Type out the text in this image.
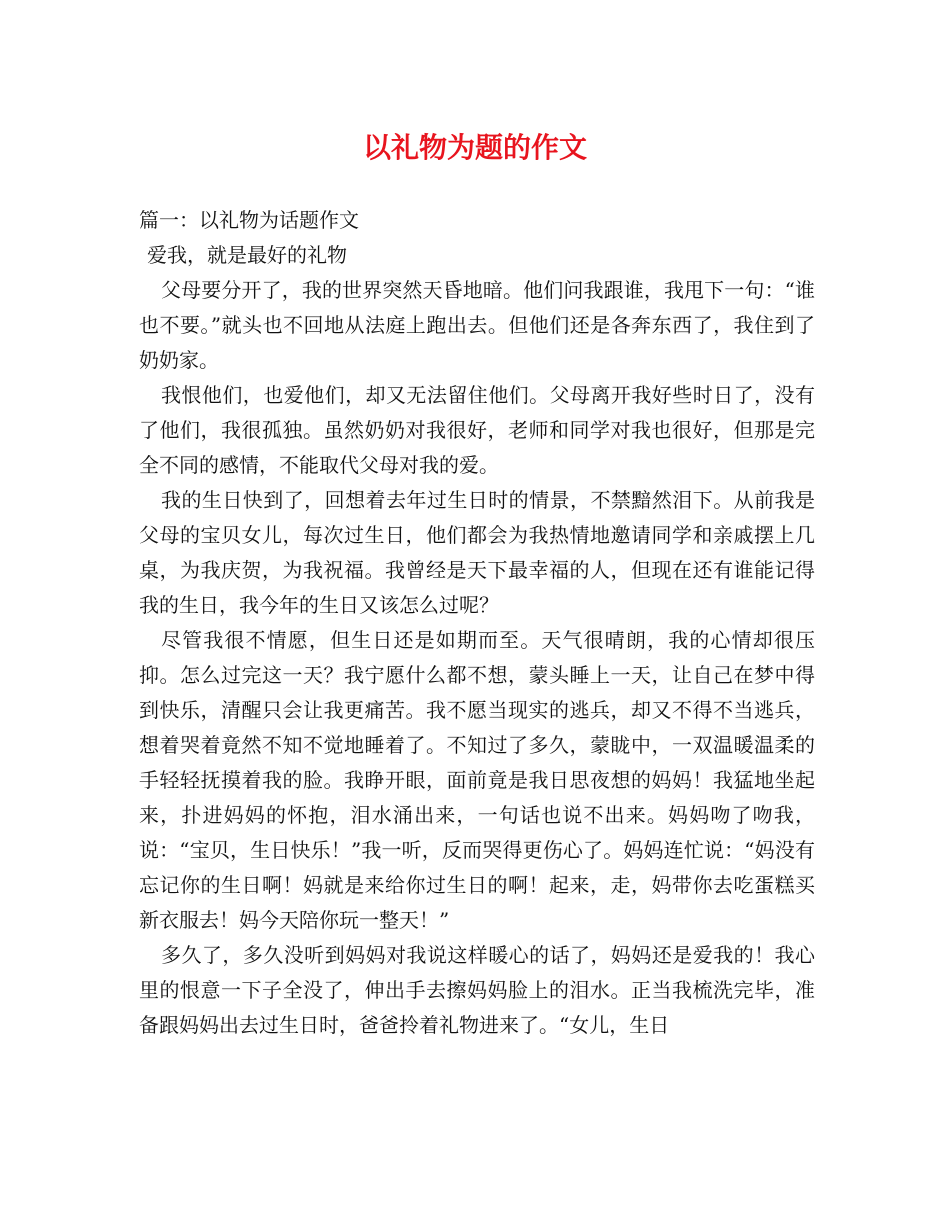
以礼物为题的作文

篇一：以礼物为话题作文

爱我，就是最好的礼物

父母要分开了，我的世界突然天昏地暗。他们问我跟谁，我甩下一句：“谁也不要。”就头也不回地从法庭上跑出去。但他们还是各奔东西了，我住到了奶奶家。

我恨他们，也爱他们，却又无法留住他们。父母离开我好些时日了，没有了他们，我很孤独。虽然奶奶对我很好，老师和同学对我也很好，但那是完全不同的感情，不能取代父母对我的爱。

我的生日快到了，回想着去年过生日时的情景，不禁黯然泪下。从前我是父母的宝贝女儿，每次过生日，他们都会为我热情地邀请同学和亲戚摆上几桌，为我庆贺，为我祝福。我曾经是天下最幸福的人，但现在还有谁能记得我的生日，我今年的生日又该怎么过呢？

尽管我很不情愿，但生日还是如期而至。天气很晴朗，我的心情却很压抑。怎么过完这一天？我宁愿什么都不想，蒙头睡上一天，让自己在梦中得到快乐，清醒只会让我更痛苦。我不愿当现实的逃兵，却又不得不当逃兵，想着哭着竟然不知不觉地睡着了。不知过了多久，蒙眬中，一双温暖温柔的手轻轻抚摸着我的脸。我睁开眼，面前竟是我日思夜想的妈妈！我猛地坐起来，扑进妈妈的怀抱，泪水涌出来，一句话也说不出来。妈妈吻了吻我，说：“宝贝，生日快乐！”我一听，反而哭得更伤心了。妈妈连忙说：“妈没有忘记你的生日啊！妈就是来给你过生日的啊！起来，走，妈带你去吃蛋糕买新衣服去！妈今天陪你玩一整天！”

多久了，多久没听到妈妈对我说这样暖心的话了，妈妈还是爱我的！我心里的恨意一下子全没了，伸出手去擦妈妈脸上的泪水。正当我梳洗完毕，准备跟妈妈出去过生日时，爸爸拎着礼物进来了。“女儿，生日
